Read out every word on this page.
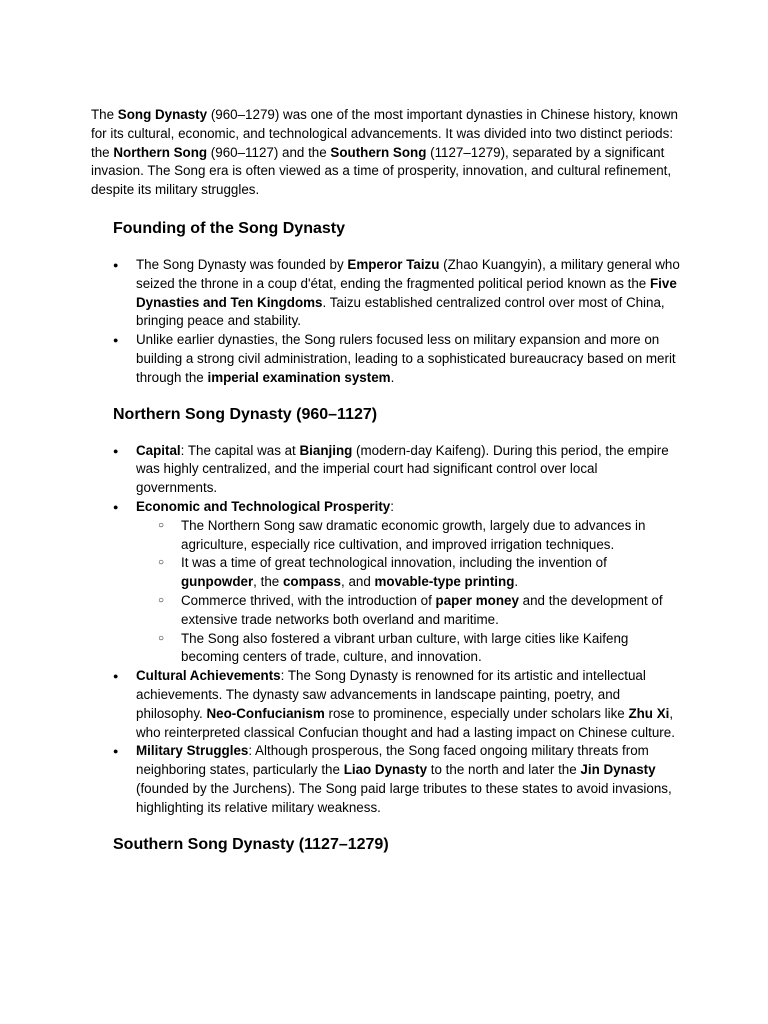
The Song Dynasty (960–1279) was one of the most important dynasties in Chinese history, known for its cultural, economic, and technological advancements. It was divided into two distinct periods: the Northern Song (960–1127) and the Southern Song (1127–1279), separated by a significant invasion. The Song era is often viewed as a time of prosperity, innovation, and cultural refinement, despite its military struggles.

Founding of the Song Dynasty
● The Song Dynasty was founded by Emperor Taizu (Zhao Kuangyin), a military general who seized the throne in a coup d'état, ending the fragmented political period known as the Five Dynasties and Ten Kingdoms. Taizu established centralized control over most of China, bringing peace and stability.
● Unlike earlier dynasties, the Song rulers focused less on military expansion and more on building a strong civil administration, leading to a sophisticated bureaucracy based on merit through the imperial examination system.
Northern Song Dynasty (960–1127)
● Capital: The capital was at Bianjing (modern-day Kaifeng). During this period, the empire was highly centralized, and the imperial court had significant control over local governments.
● Economic and Technological Prosperity:
○ The Northern Song saw dramatic economic growth, largely due to advances in agriculture, especially rice cultivation, and improved irrigation techniques.
○ It was a time of great technological innovation, including the invention of gunpowder, the compass, and movable-type printing.
○ Commerce thrived, with the introduction of paper money and the development of extensive trade networks both overland and maritime.
○ The Song also fostered a vibrant urban culture, with large cities like Kaifeng becoming centers of trade, culture, and innovation.
● Cultural Achievements: The Song Dynasty is renowned for its artistic and intellectual achievements. The dynasty saw advancements in landscape painting, poetry, and philosophy. Neo-Confucianism rose to prominence, especially under scholars like Zhu Xi, who reinterpreted classical Confucian thought and had a lasting impact on Chinese culture.
● Military Struggles: Although prosperous, the Song faced ongoing military threats from neighboring states, particularly the Liao Dynasty to the north and later the Jin Dynasty (founded by the Jurchens). The Song paid large tributes to these states to avoid invasions, highlighting its relative military weakness.
Southern Song Dynasty (1127–1279)
